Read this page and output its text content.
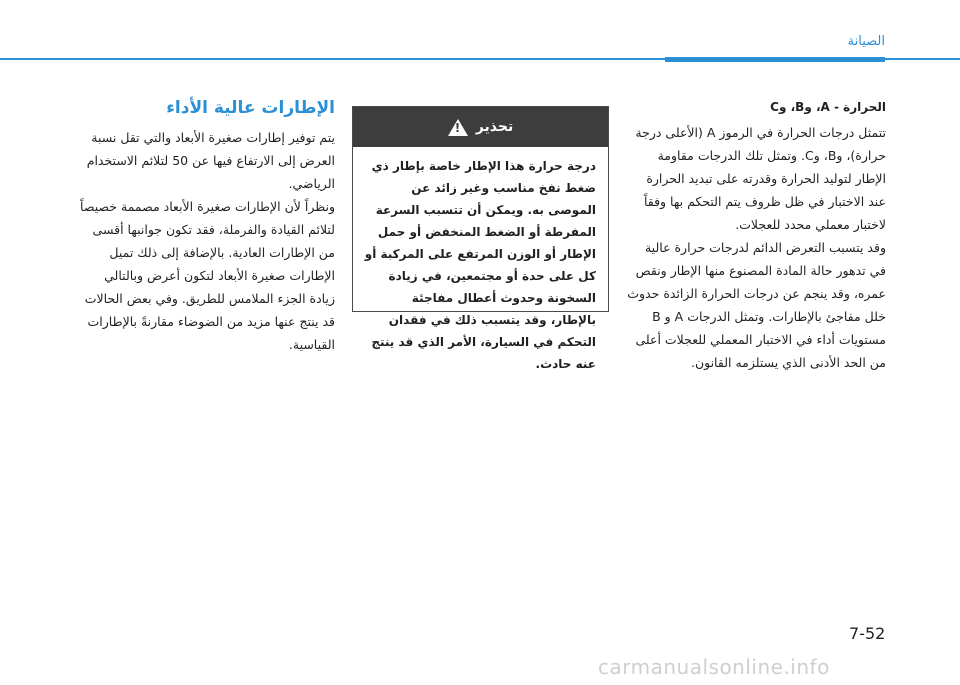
الصيانة
الحرارة - A، وB، وC

تتمثل درجات الحرارة في الرموز A (الأعلى درجة حرارة)، وB، وC. وتمثل تلك الدرجات مقاومة الإطار لتوليد الحرارة وقدرته على تبديد الحرارة عند الاختبار في ظل ظروف يتم التحكم بها وفقاً لاختبار معملي محدد للعجلات.

وقد يتسبب التعرض الدائم لدرجات حرارة عالية في تدهور حالة المادة المصنوع منها الإطار ونقص عمره، وقد ينجم عن درجات الحرارة الزائدة حدوث خلل مفاجئ بالإطارات. وتمثل الدرجات A و B مستويات أداء في الاختبار المعملي للعجلات أعلى من الحد الأدنى الذي يستلزمه القانون.

تحذير
!
درجة حرارة هذا الإطار خاصة بإطار ذي ضغط نفخ مناسب وغير زائد عن الموصى به. ويمكن أن تتسبب السرعة المفرطة أو الضغط المنخفض أو حمل الإطار أو الوزن المرتفع على المركبة أو كل على حدة أو مجتمعين، في زيادة السخونة وحدوث أعطال مفاجئة بالإطار، وقد يتسبب ذلك في فقدان التحكم في السيارة، الأمر الذي قد ينتج عنه حادث.
الإطارات عالية الأداء

يتم توفير إطارات صغيرة الأبعاد والتي تقل نسبة العرض إلى الارتفاع فيها عن 50 لتلائم الاستخدام الرياضي.

ونظراً لأن الإطارات صغيرة الأبعاد مصممة خصيصاً لتلائم القيادة والفرملة، فقد تكون جوانبها أقسى من الإطارات العادية. بالإضافة إلى ذلك تميل الإطارات صغيرة الأبعاد لتكون أعرض وبالتالي زيادة الجزء الملامس للطريق. وفي بعض الحالات قد ينتج عنها مزيد من الضوضاء مقارنةً بالإطارات القياسية.

7-52
carmanualsonline.info
